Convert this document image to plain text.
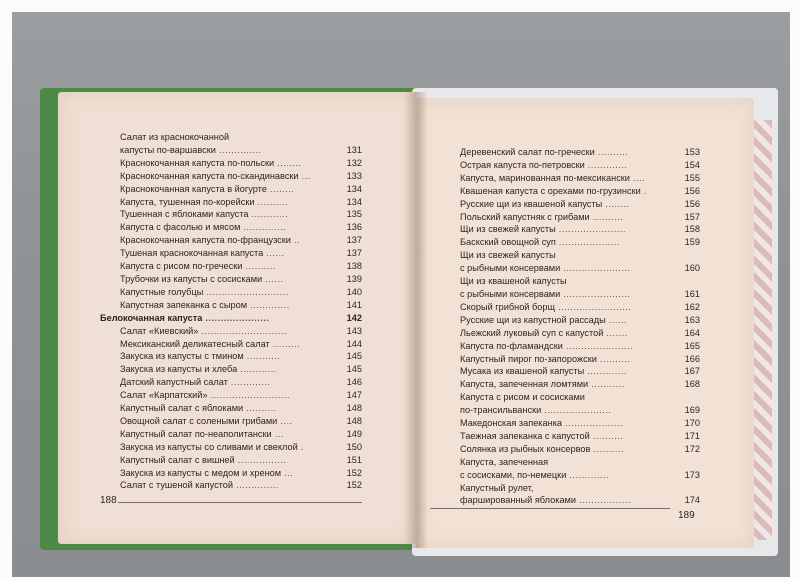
Салат из краснокочанной
капусты по-варшавски ..............	131
Краснокочанная капуста по-польски ........	132
Краснокочанная капуста по-скандинавски ...	133
Краснокочанная капуста в йогурте ........	134
Капуста, тушенная по-корейски ..........	134
Тушенная с яблоками капуста ............	135
Капуста с фасолью и мясом ..............	136
Краснокочанная капуста по-французски ..	137
Тушеная краснокочанная капуста ......	137
Капуста с рисом по-гречески ..........	138
Трубочки из капусты с сосисками ......	139
Капустные голубцы ...........................	140
Капустная запеканка с сыром .............	141
Белокочанная капуста .....................	142
Салат «Киевский» ............................	143
Мексиканский деликатесный салат .........	144
Закуска из капусты с тмином ...........	145
Закуска из капусты и хлеба ............	145
Датский капустный салат .............	146
Салат «Карпатский» ..........................	147
Капустный салат с яблоками ..........	148
Овощной салат с солеными грибами ....	148
Капустный салат по-неаполитански ...	149
Закуска из капусты со сливами и свеклой .	150
Капустный салат с вишней ................	151
Закуска из капусты с медом и хреном ...	152
Салат с тушеной капустой ..............	152
188
Деревенский салат по-гречески ..........	153
Острая капуста по-петровски .............	154
Капуста, маринованная по-мексикански ....	155
Квашеная капуста с орехами по-грузински .	156
Русские щи из квашеной капусты ........	156
Польский капустняк с грибами ..........	157
Щи из свежей капусты ......................	158
Баскский овощной суп ....................	159
Щи из свежей капусты
с рыбными консервами ......................	160
Щи из квашеной капусты
с рыбными консервами ......................	161
Скорый грибной борщ ........................	162
Русские щи из капустной рассады ......	163
Льежский луковый суп с капустой .......	164
Капуста по-фламандски ......................	165
Капустный пирог по-запорожски ..........	166
Мусака из квашеной капусты .............	167
Капуста, запеченная ломтями ...........	168
Капуста с рисом и сосисками
по-трансильвански ......................	169
Македонская запеканка ...................	170
Таежная запеканка с капустой ..........	171
Солянка из рыбных консервов ..........	172
Капуста, запеченная
с сосисками, по-немецки .............	173
Капустный рулет,
фаршированный яблоками .................	174
189
